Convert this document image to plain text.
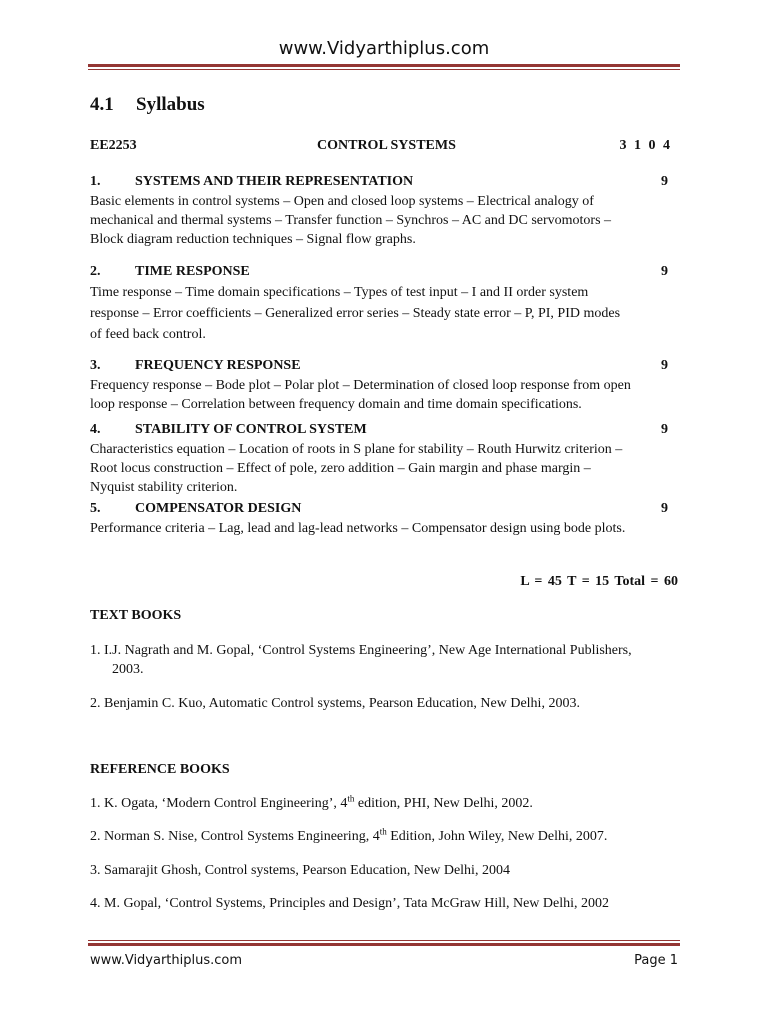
www.Vidyarthiplus.com
4.1 Syllabus
EE2253	CONTROL SYSTEMS	3 1 0 4
1. SYSTEMS AND THEIR REPRESENTATION	9
Basic elements in control systems – Open and closed loop systems – Electrical analogy of
mechanical and thermal systems – Transfer function – Synchros – AC and DC servomotors –
Block diagram reduction techniques – Signal flow graphs.
2. TIME RESPONSE	9
Time response – Time domain specifications – Types of test input – I and II order system
response – Error coefficients – Generalized error series – Steady state error – P, PI, PID modes
of feed back control.
3. FREQUENCY RESPONSE	9
Frequency response – Bode plot – Polar plot – Determination of closed loop response from open
loop response – Correlation between frequency domain and time domain specifications.
4. STABILITY OF CONTROL SYSTEM	9
Characteristics equation – Location of roots in S plane for stability – Routh Hurwitz criterion –
Root locus construction – Effect of pole, zero addition – Gain margin and phase margin –
Nyquist stability criterion.
5. COMPENSATOR DESIGN	9
Performance criteria – Lag, lead and lag-lead networks – Compensator design using bode plots.
L = 45 T = 15 Total = 60
TEXT BOOKS
1. I.J. Nagrath and M. Gopal, ‘Control Systems Engineering’, New Age International Publishers,
2003.
2. Benjamin C. Kuo, Automatic Control systems, Pearson Education, New Delhi, 2003.
REFERENCE BOOKS
1. K. Ogata, ‘Modern Control Engineering’, 4th edition, PHI, New Delhi, 2002.
2. Norman S. Nise, Control Systems Engineering, 4th Edition, John Wiley, New Delhi, 2007.
3. Samarajit Ghosh, Control systems, Pearson Education, New Delhi, 2004
4. M. Gopal, ‘Control Systems, Principles and Design’, Tata McGraw Hill, New Delhi, 2002
www.Vidyarthiplus.com	Page 1
